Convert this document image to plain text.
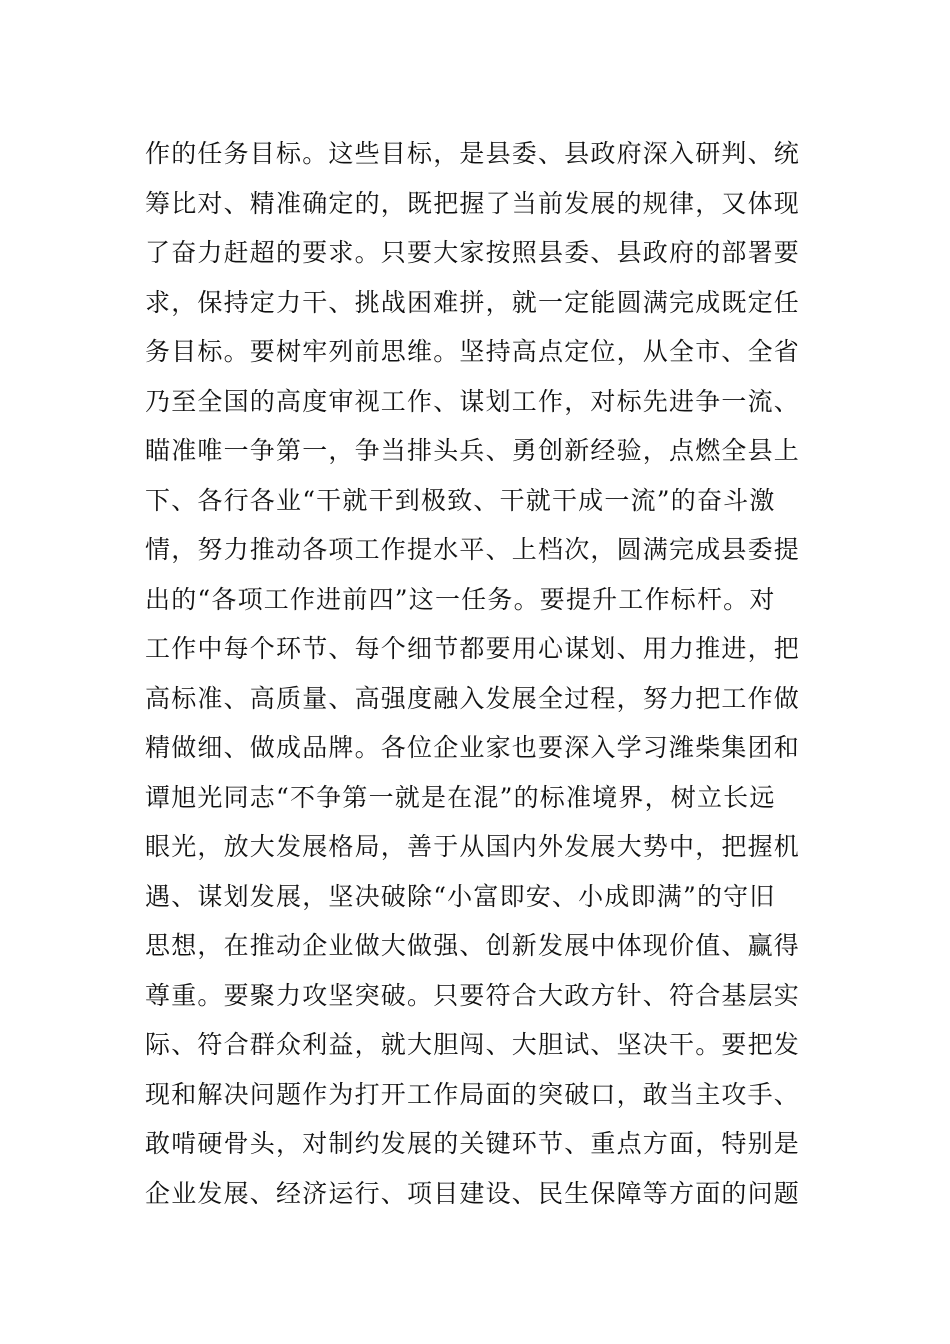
作的任务目标。这些目标，是县委、县政府深入研判、统
筹比对、精准确定的，既把握了当前发展的规律，又体现
了奋力赶超的要求。只要大家按照县委、县政府的部署要
求，保持定力干、挑战困难拼，就一定能圆满完成既定任
务目标。要树牢列前思维。坚持高点定位，从全市、全省
乃至全国的高度审视工作、谋划工作，对标先进争一流、
瞄准唯一争第一，争当排头兵、勇创新经验，点燃全县上
下、各行各业“干就干到极致、干就干成一流”的奋斗激
情，努力推动各项工作提水平、上档次，圆满完成县委提
出的“各项工作进前四”这一任务。要提升工作标杆。对
工作中每个环节、每个细节都要用心谋划、用力推进，把
高标准、高质量、高强度融入发展全过程，努力把工作做
精做细、做成品牌。各位企业家也要深入学习潍柴集团和
谭旭光同志“不争第一就是在混”的标准境界，树立长远
眼光，放大发展格局，善于从国内外发展大势中，把握机
遇、谋划发展，坚决破除“小富即安、小成即满”的守旧
思想，在推动企业做大做强、创新发展中体现价值、赢得
尊重。要聚力攻坚突破。只要符合大政方针、符合基层实
际、符合群众利益，就大胆闯、大胆试、坚决干。要把发
现和解决问题作为打开工作局面的突破口，敢当主攻手、
敢啃硬骨头，对制约发展的关键环节、重点方面，特别是
企业发展、经济运行、项目建设、民生保障等方面的问题
